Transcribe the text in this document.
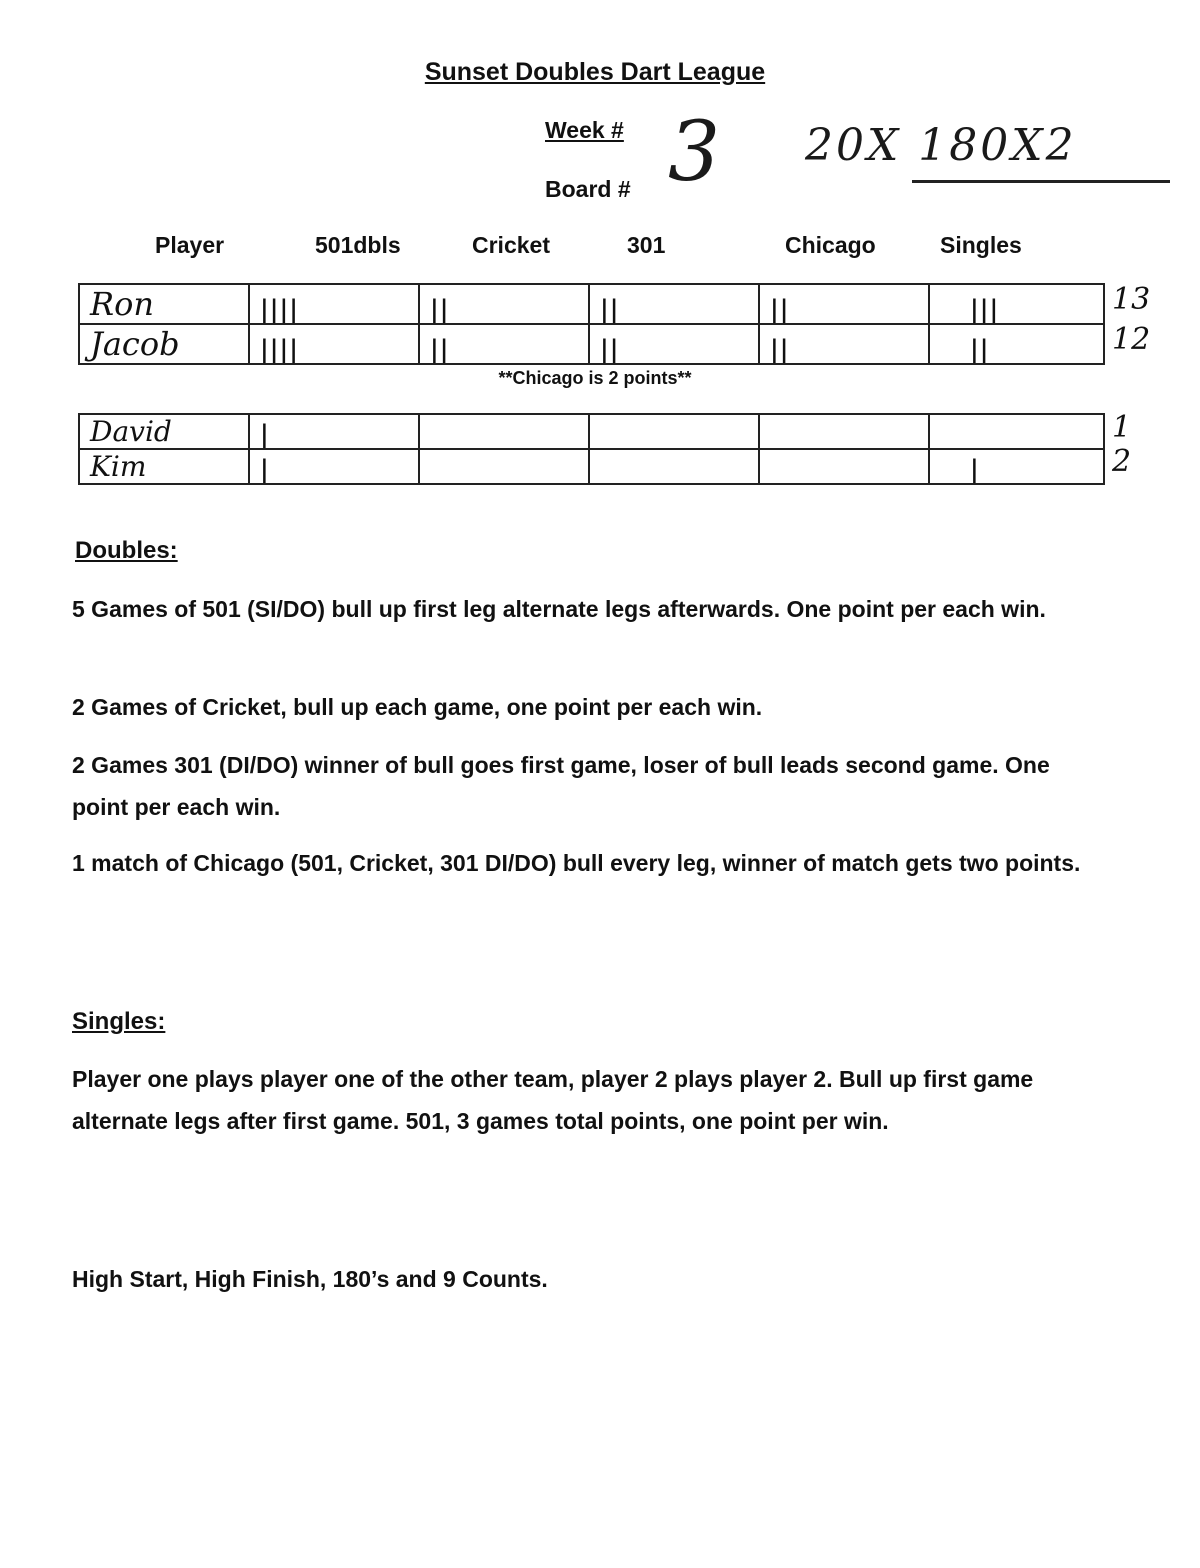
Sunset Doubles Dart League
Week #
Board # 3 20X 180X2
Player	501dbls	Cricket	301	Chicago	Singles
Ron	||||	||	||	||	|||
Jacob	||||	||	||	||	||
13
12
**Chicago is 2 points**
David	|				
Kim	|				|
1
2
Doubles:
5 Games of 501 (SI/DO) bull up first leg alternate legs afterwards. One point per each win.
2 Games of Cricket, bull up each game, one point per each win.
2 Games 301 (DI/DO) winner of bull goes first game, loser of bull leads second game. One point per each win.
1 match of Chicago (501, Cricket, 301 DI/DO) bull every leg, winner of match gets two points.
Singles:
Player one plays player one of the other team, player 2 plays player 2. Bull up first game alternate legs after first game. 501, 3 games total points, one point per win.
High Start, High Finish, 180’s and 9 Counts.
